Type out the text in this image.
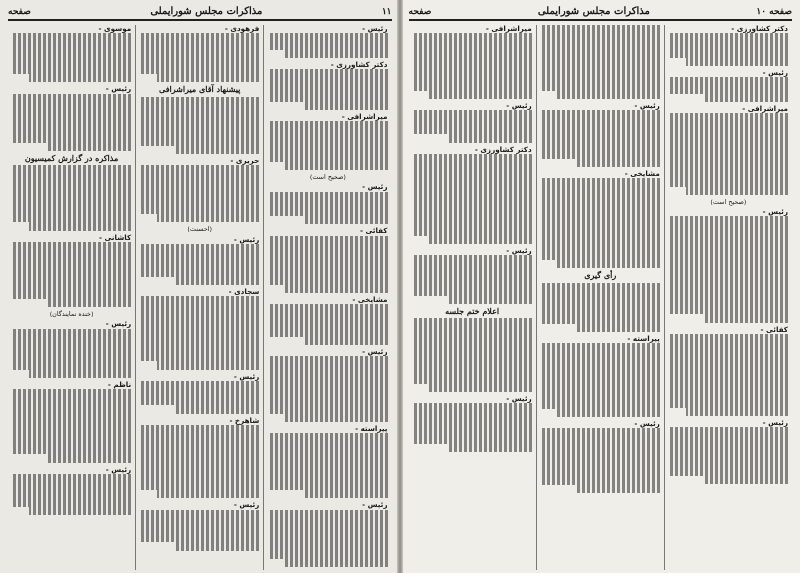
۱۱
مذاکرات مجلس شورایملی
صفحه
رئیس -
دکتر کشاورزی -
میراشرافی -
(صحیح است)
رئیس -
کفائی -
مشایخی -
رئیس -
پیراسته -
رئیس -
فرهودی -
پیشنهاد آقای میراشرافی
حریری -
(احسنت)
رئیس -
سجادی -
رئیس -
شاهرخ -
رئیس -
موسوی -
رئیس -
مذاکره در گزارش کمیسیون
کاشانی -
(خنده نمایندگان)
رئیس -
ناظم -
رئیس -
صفحه ۱۰
مذاکرات مجلس شورایملی
صفحه
دکتر کشاورزی -
رئیس -
میراشرافی -
(صحیح است)
رئیس -
کفائی -
رئیس -
رئیس -
مشایخی -
رأی گیری
پیراسته -
رئیس -
میراشرافی -
رئیس -
دکتر کشاورزی -
رئیس -
اعلام ختم جلسه
رئیس -
